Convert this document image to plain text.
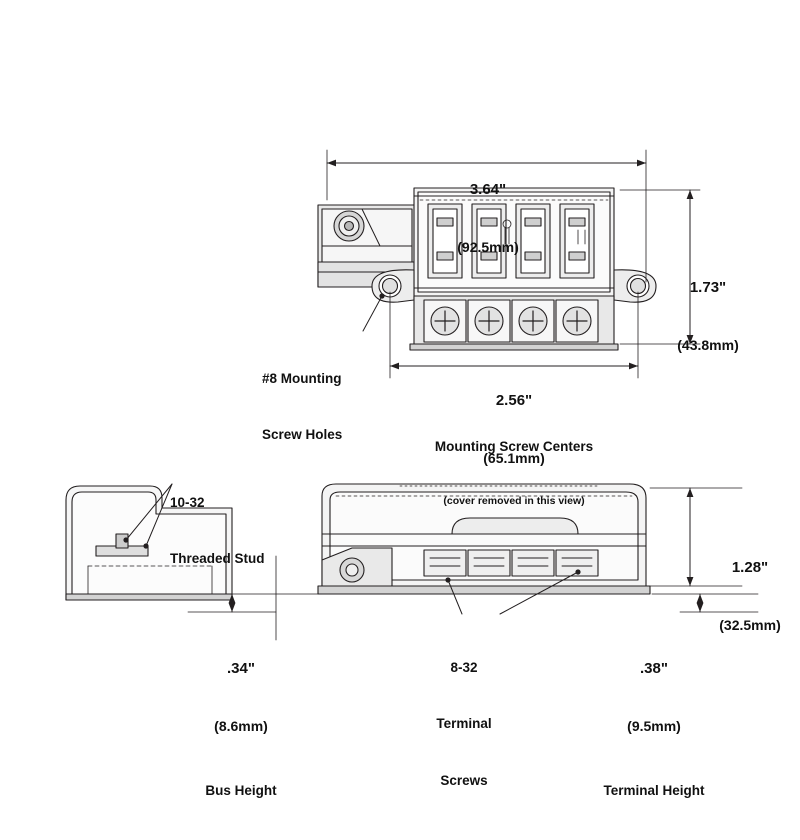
3.64"

(92.5mm)

1.73"

(43.8mm)

2.56"

(65.1mm)

Mounting Screw Centers

(cover removed in this view)

#8 Mounting

Screw Holes

10-32

Threaded Stud

1.28"

(32.5mm)

.34"

(8.6mm)

Bus Height

8-32

Terminal

Screws

.38"

(9.5mm)

Terminal Height
